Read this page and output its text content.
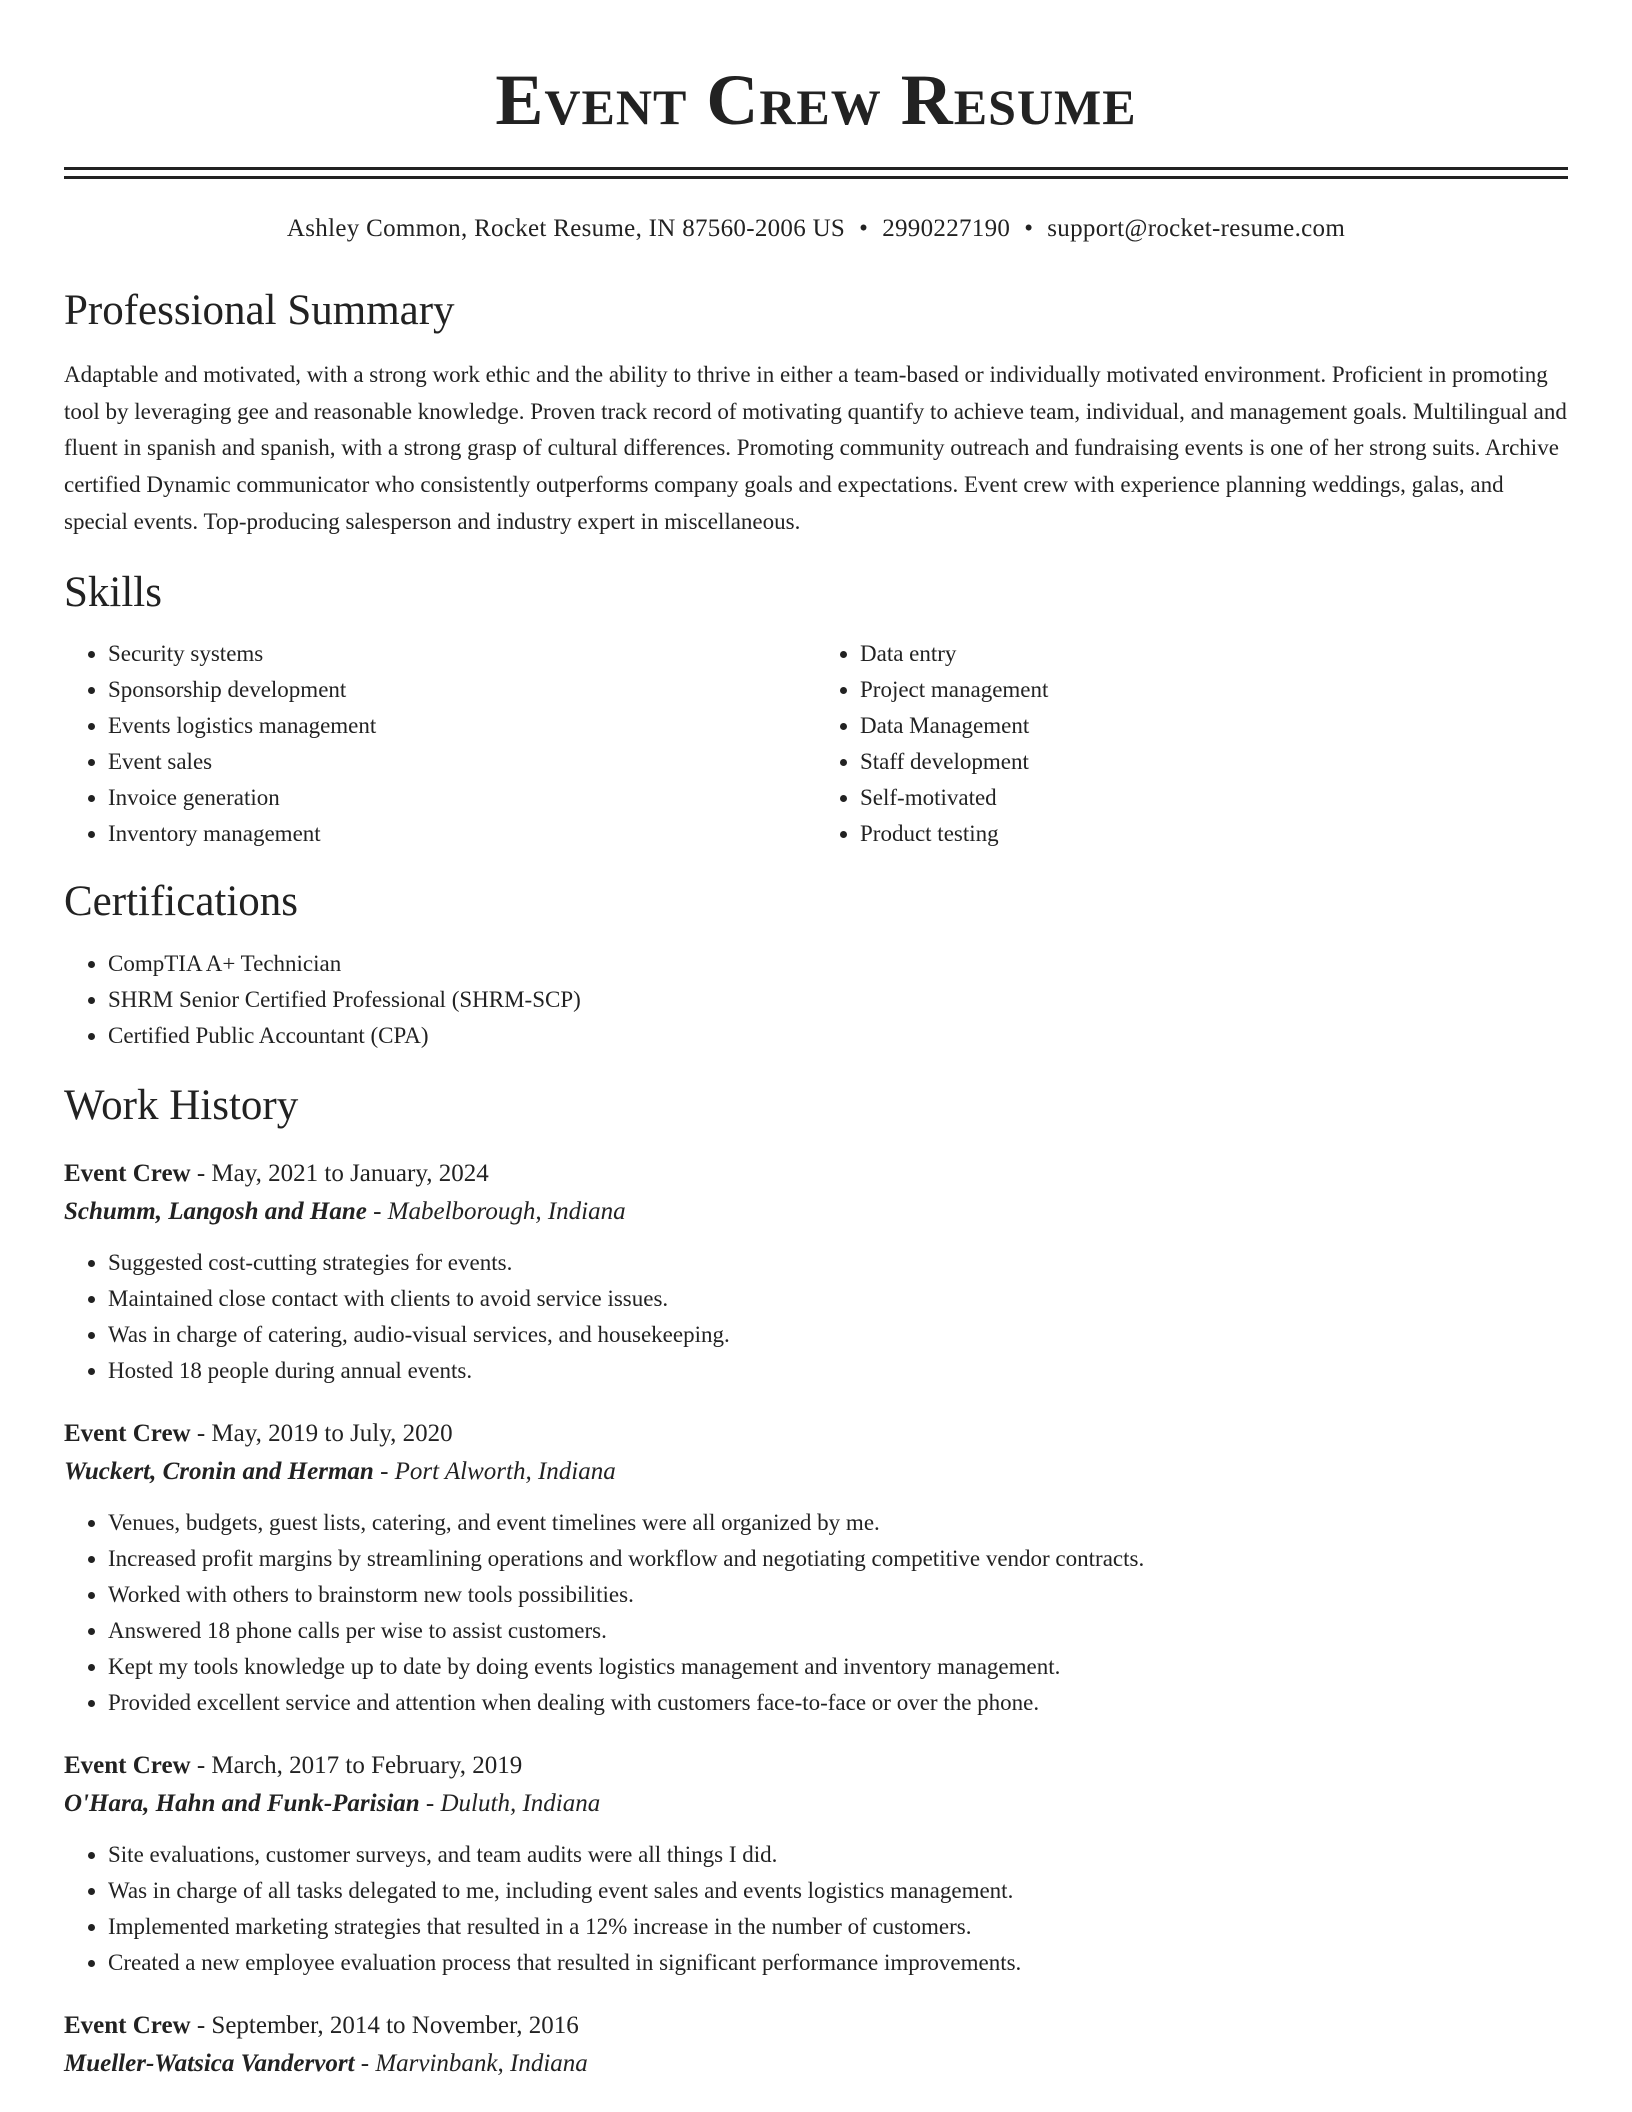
Event Crew Resume
Ashley Common, Rocket Resume, IN 87560-2006 US • 2990227190 • support@rocket-resume.com
Professional Summary

Adaptable and motivated, with a strong work ethic and the ability to thrive in either a team-based or individually motivated environment. Proficient in promoting tool by leveraging gee and reasonable knowledge. Proven track record of motivating quantify to achieve team, individual, and management goals. Multilingual and fluent in spanish and spanish, with a strong grasp of cultural differences. Promoting community outreach and fundraising events is one of her strong suits. Archive certified Dynamic communicator who consistently outperforms company goals and expectations. Event crew with experience planning weddings, galas, and special events. Top-producing salesperson and industry expert in miscellaneous.

Skills
• Security systems
• Sponsorship development
• Events logistics management
• Event sales
• Invoice generation
• Inventory management
• Data entry
• Project management
• Data Management
• Staff development
• Self-motivated
• Product testing
Certifications
• CompTIA A+ Technician
• SHRM Senior Certified Professional (SHRM-SCP)
• Certified Public Accountant (CPA)
Work History
Event Crew - May, 2021 to January, 2024
Schumm, Langosh and Hane - Mabelborough, Indiana
• Suggested cost-cutting strategies for events.
• Maintained close contact with clients to avoid service issues.
• Was in charge of catering, audio-visual services, and housekeeping.
• Hosted 18 people during annual events.
Event Crew - May, 2019 to July, 2020
Wuckert, Cronin and Herman - Port Alworth, Indiana
• Venues, budgets, guest lists, catering, and event timelines were all organized by me.
• Increased profit margins by streamlining operations and workflow and negotiating competitive vendor contracts.
• Worked with others to brainstorm new tools possibilities.
• Answered 18 phone calls per wise to assist customers.
• Kept my tools knowledge up to date by doing events logistics management and inventory management.
• Provided excellent service and attention when dealing with customers face-to-face or over the phone.
Event Crew - March, 2017 to February, 2019
O'Hara, Hahn and Funk-Parisian - Duluth, Indiana
• Site evaluations, customer surveys, and team audits were all things I did.
• Was in charge of all tasks delegated to me, including event sales and events logistics management.
• Implemented marketing strategies that resulted in a 12% increase in the number of customers.
• Created a new employee evaluation process that resulted in significant performance improvements.
Event Crew - September, 2014 to November, 2016
Mueller-Watsica Vandervort - Marvinbank, Indiana
